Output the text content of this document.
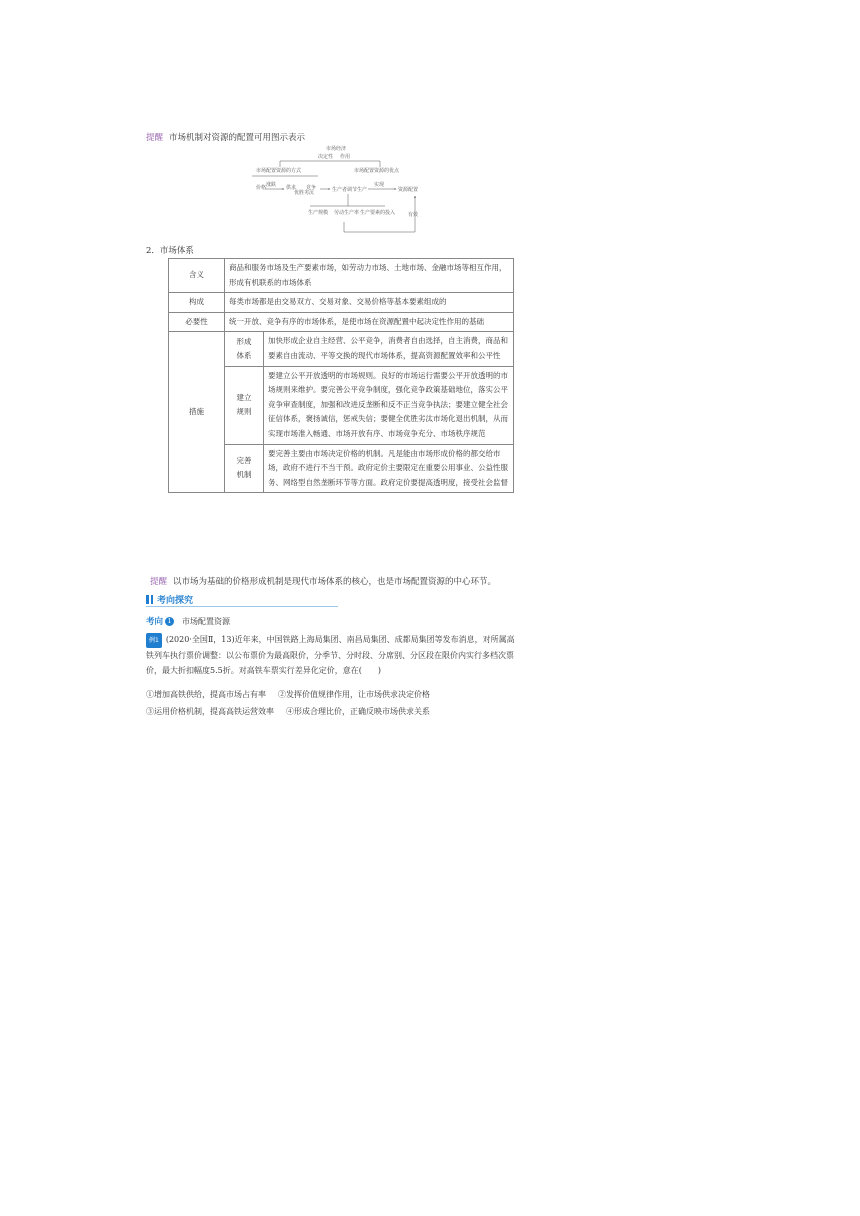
提醒 市场机制对资源的配置可用图示表示
市场经济
决定性 作用
市场配置资源的方式	市场配置资源的优点
价格	供求 竞争
涨跌
优胜劣汰	生产者调节生产
实现
资源配置
生产规模 劳动生产率 生产要素的投入	有效
2．市场体系
含义	商品和服务市场及生产要素市场，如劳动力市场、土地市场、金融市场等相互作用，形成有机联系的市场体系	
构成	每类市场都是由交易双方、交易对象、交易价格等基本要素组成的	
必要性	统一开放、竞争有序的市场体系，是使市场在资源配置中起决定性作用的基础	
措施	形成体系	加快形成企业自主经营、公平竞争，消费者自由选择，自主消费，商品和要素自由流动、平等交换的现代市场体系，提高资源配置效率和公平性
	建立规则	要建立公平开放透明的市场规则。良好的市场运行需要公平开放透明的市场规则来维护。要完善公平竞争制度，强化竞争政策基础地位，落实公平竞争审查制度，加强和改进反垄断和反不正当竞争执法；要建立健全社会征信体系，褒扬诚信，惩戒失信；要健全优胜劣汰市场化退出机制，从而实现市场准入畅通、市场开放有序、市场竞争充分、市场秩序规范
	完善机制	要完善主要由市场决定价格的机制。凡是能由市场形成价格的都交给市场，政府不进行不当干预。政府定价主要限定在重要公用事业、公益性服务、网络型自然垄断环节等方面。政府定价要提高透明度，接受社会监督
提醒 以市场为基础的价格形成机制是现代市场体系的核心，也是市场配置资源的中心环节。
考向探究
考向 1	市场配置资源
例1 (2020·全国Ⅱ，13)近年来，中国铁路上海局集团、南昌局集团、成都局集团等发布消息，对所属高铁列车执行票价调整：以公布票价为最高限价，分季节、分时段、分席别、分区段在限价内实行多档次票价，最大折扣幅度5.5折。对高铁车票实行差异化定价，意在(　　)
①增加高铁供给，提高市场占有率 ②发挥价值规律作用，让市场供求决定价格
③运用价格机制，提高高铁运营效率 ④形成合理比价，正确反映市场供求关系
